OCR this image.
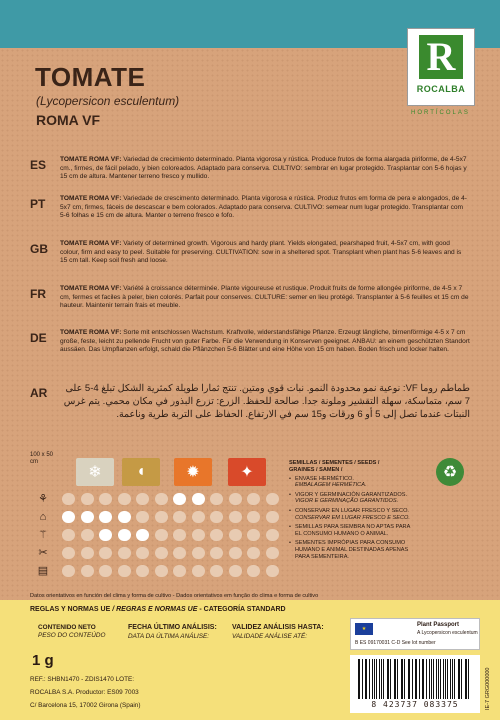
R
ROCALBA
HORTÍCOLAS
TOMATE
(Lycopersicon esculentum)
ROMA VF
ES TOMATE ROMA VF: Variedad de crecimiento determinado. Planta vigorosa y rústica. Produce frutos de forma alargada piriforme, de 4-5x7 cm., firmes, de fácil pelado, y bien coloreados. Adaptado para conserva. CULTIVO: sembrar en lugar protegido. Trasplantar con 5-6 hojas y 15 cm de altura. Mantener terreno fresco y mullido.
PT TOMATE ROMA VF: Variedade de crescimento determinado. Planta vigorosa e rústica. Produz frutos em forma de pera e alongados, de 4-5x7 cm, firmes, fáceis de descascar e bem colorados. Adaptado para conserva. CULTIVO: semear num lugar protegido. Transplantar com 5-6 folhas e 15 cm de altura. Manter o terreno fresco e fofo.
GB TOMATE ROMA VF: Variety of determined growth. Vigorous and hardy plant. Yields elongated, pearshaped fruit, 4-5x7 cm, with good colour, firm and easy to peel. Suitable for preserving. CULTIVATION: sow in a sheltered spot. Transplant when plant has 5-6 leaves and is 15 cm tall. Keep soil fresh and loose.
FR TOMATE ROMA VF: Variété à croissance déterminée. Plante vigoureuse et rustique. Produit fruits de forme allongée piriforme, de 4-5 x 7 cm, fermes et faciles à peler, bien colorés. Parfait pour conserves. CULTURE: semer en lieu protégé. Transplanter à 5-6 feuilles et 15 cm de hauteur. Maintenir terrain frais et meuble.
DE TOMATE ROMA VF: Sorte mit entschlossen Wachstum. Kraftvolle, widerstandsfähige Pflanze. Erzeugt längliche, birnenförmige 4-5 x 7 cm große, feste, leicht zu pellende Frucht von guter Farbe. Für die Verwendung in Konserven geeignet. ANBAU: an einem geschützten Standort aussäen. Das Umpflanzen erfolgt, schald die Pflänzchen 5-6 Blätter und eine Höhe von 15 cm haben. Boden frisch und locker halten.
AR	طماطم روما VF: نوعية نمو محدودة النمو. نبات قوي ومتين. تنتج ثمارا طويلة كمثرية الشكل تبلغ 4-5 على 7 سم، متماسكة، سهلة التقشير وملونة جدا. صالحة للحفظ. الزرع: تزرع البذور في مكان محمي. يتم غرس النبتات عندما تصل إلى 5 أو 6 ورقات و15 سم في الارتفاع. الحفاظ على التربة طرية وناعمة.
100 x 50
cm
❄	◖	✹	✦
⚘
⌂
⚚
✂
▤
SEMILLAS / SEMENTES / SEEDS /
GRAINES / SAMEN /
• ENVASE HERMÉTICO.
EMBALAGEM HERMÉTICA.
• VIGOR Y GERMINACIÓN GARANTIZADOS.
VIGOR E GERMINAÇÃO GARANTIDOS.
• CONSERVAR EN LUGAR FRESCO Y SECO.
CONSERVAR EM LUGAR FRESCO E SECO.
• SEMILLAS PARA SIEMBRA NO APTAS PARA EL CONSUMO HUMANO O ANIMAL.
• SEMENTES IMPRÓPIAS PARA CONSUMO HUMANO E ANIMAL DESTINADAS APENAS PARA SEMENTEIRA.
♻
Datos orientativos en función del clima y forma de cultivo - Dados orientativos em função do clima e forma de cultivo
REGLAS Y NORMAS UE / REGRAS E NORMAS UE - CATEGORÍA STANDARD
CONTENIDO NETO
PESO DO CONTEÚDO
1 g
FECHA ÚLTIMO ANÁLISIS:
DATA DA ÚLTIMA ANÁLISE:
VALIDEZ ANÁLISIS HASTA:
VALIDADE ANÁLISE ATÉ:
REF.: SHBN1470 - ZDIS1470 LOTE:
ROCALBA S.A. Productor: ES09 7003
C/ Barcelona 15, 17002 Girona (Spain)
★
Plant Passport
A Lycopersicon esculentum
B ES 09170031 C-D See lot number
8 423737 083375	IE-7 GRG000000
